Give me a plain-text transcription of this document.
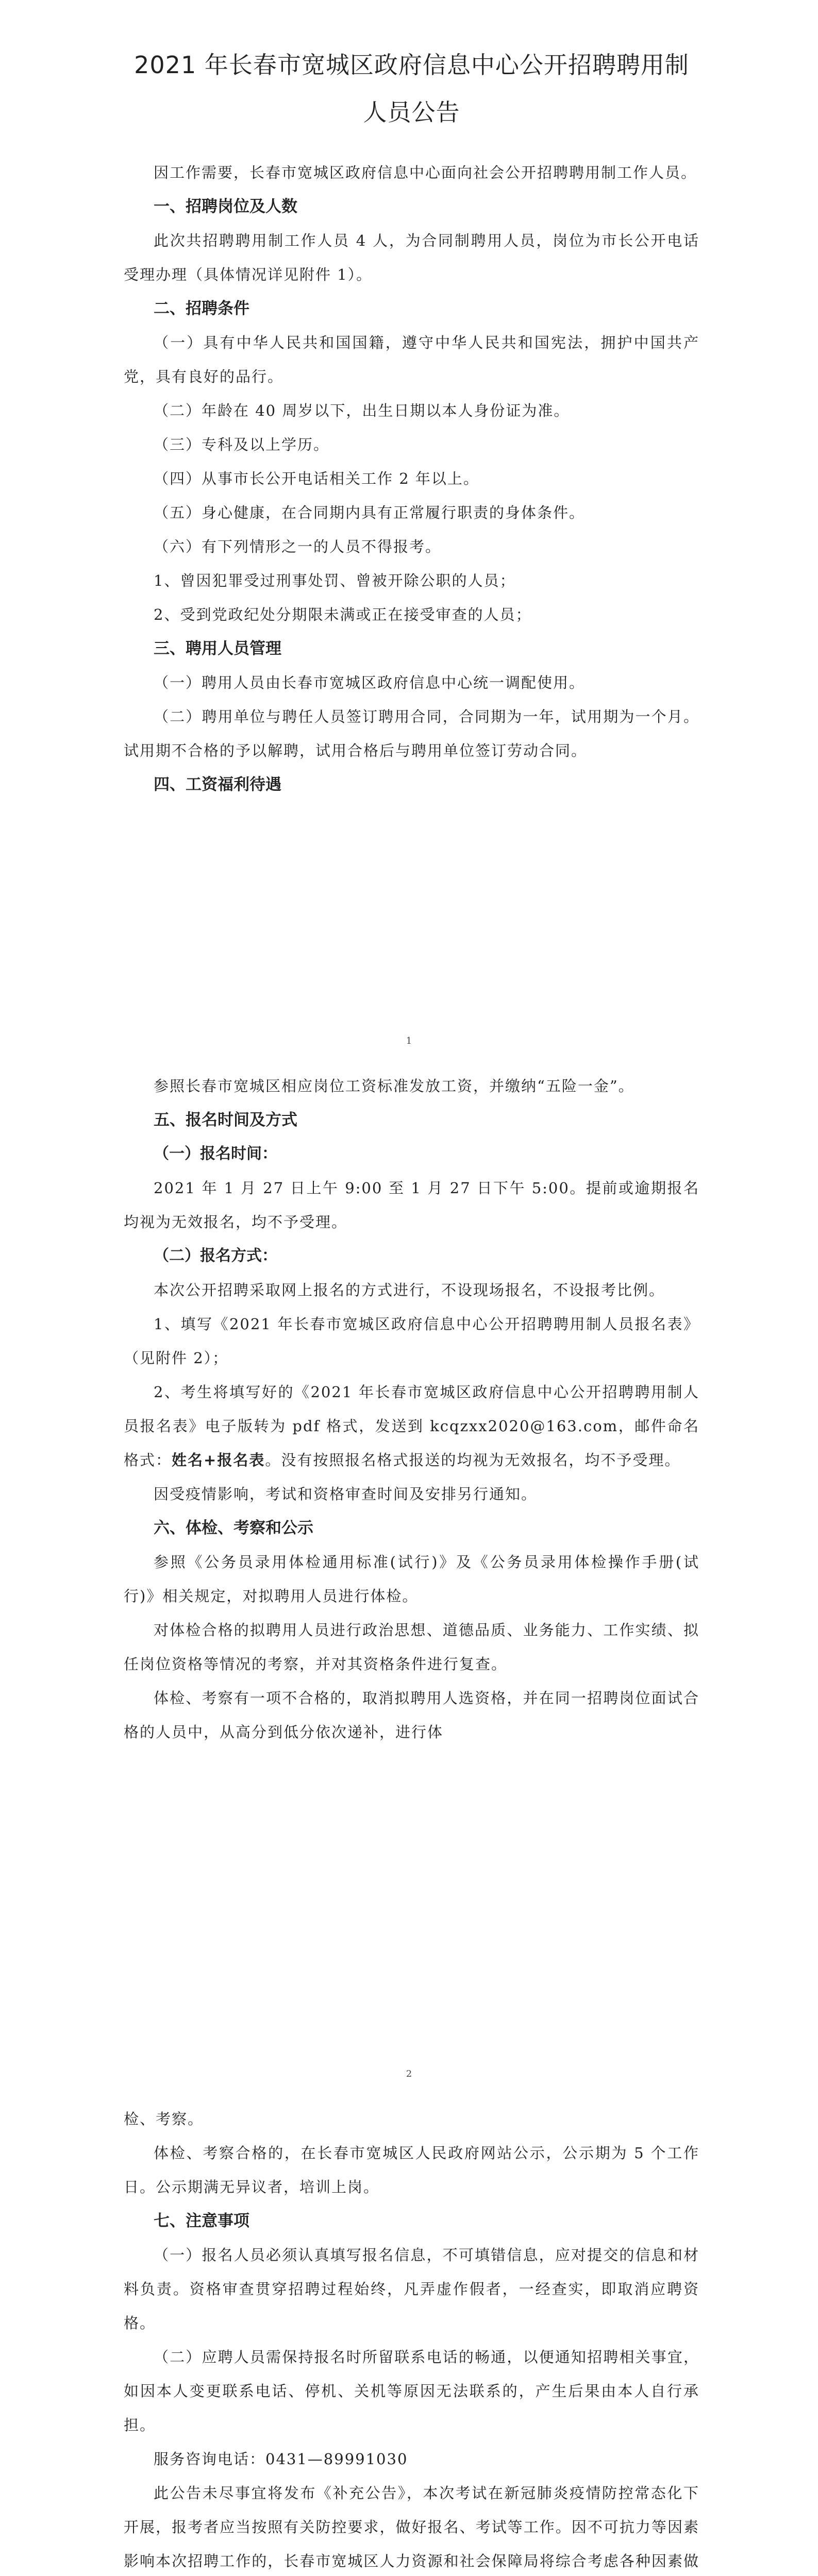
2021 年长春市宽城区政府信息中心公开招聘聘用制人员公告

因工作需要，长春市宽城区政府信息中心面向社会公开招聘聘用制工作人员。

一、招聘岗位及人数

此次共招聘聘用制工作人员 4 人，为合同制聘用人员，岗位为市长公开电话受理办理（具体情况详见附件 1）。

二、招聘条件

（一）具有中华人民共和国国籍，遵守中华人民共和国宪法，拥护中国共产党，具有良好的品行。

（二）年龄在 40 周岁以下，出生日期以本人身份证为准。

（三）专科及以上学历。

（四）从事市长公开电话相关工作 2 年以上。

（五）身心健康，在合同期内具有正常履行职责的身体条件。

（六）有下列情形之一的人员不得报考。

1、曾因犯罪受过刑事处罚、曾被开除公职的人员；

2、受到党政纪处分期限未满或正在接受审查的人员；

三、聘用人员管理

（一）聘用人员由长春市宽城区政府信息中心统一调配使用。

（二）聘用单位与聘任人员签订聘用合同，合同期为一年，试用期为一个月。试用期不合格的予以解聘，试用合格后与聘用单位签订劳动合同。

四、工资福利待遇
1

参照长春市宽城区相应岗位工资标准发放工资，并缴纳“五险一金”。

五、报名时间及方式
（一）报名时间：

2021 年 1 月 27 日上午 9:00 至 1 月 27 日下午 5:00。提前或逾期报名均视为无效报名，均不予受理。

（二）报名方式：

本次公开招聘采取网上报名的方式进行，不设现场报名，不设报考比例。

1、填写《2021 年长春市宽城区政府信息中心公开招聘聘用制人员报名表》（见附件 2）；

2、考生将填写好的《2021 年长春市宽城区政府信息中心公开招聘聘用制人员报名表》电子版转为 pdf 格式，发送到 kcqzxx2020@163.com，邮件命名格式：姓名+报名表。没有按照报名格式报送的均视为无效报名，均不予受理。

因受疫情影响，考试和资格审查时间及安排另行通知。

六、体检、考察和公示

参照《公务员录用体检通用标准(试行)》及《公务员录用体检操作手册(试行)》相关规定，对拟聘用人员进行体检。

对体检合格的拟聘用人员进行政治思想、道德品质、业务能力、工作实绩、拟任岗位资格等情况的考察，并对其资格条件进行复查。

体检、考察有一项不合格的，取消拟聘用人选资格，并在同一招聘岗位面试合格的人员中，从高分到低分依次递补，进行体

2

检、考察。

体检、考察合格的，在长春市宽城区人民政府网站公示，公示期为 5 个工作日。公示期满无异议者，培训上岗。

七、注意事项

（一）报名人员必须认真填写报名信息，不可填错信息，应对提交的信息和材料负责。资格审查贯穿招聘过程始终，凡弄虚作假者，一经查实，即取消应聘资格。

（二）应聘人员需保持报名时所留联系电话的畅通，以便通知招聘相关事宜，如因本人变更联系电话、停机、关机等原因无法联系的，产生后果由本人自行承担。

服务咨询电话：0431—89991030

此公告未尽事宜将发布《补充公告》，本次考试在新冠肺炎疫情防控常态化下开展，报考者应当按照有关防控要求，做好报名、考试等工作。因不可抗力等因素影响本次招聘工作的，长春市宽城区人力资源和社会保障局将综合考虑各种因素做
